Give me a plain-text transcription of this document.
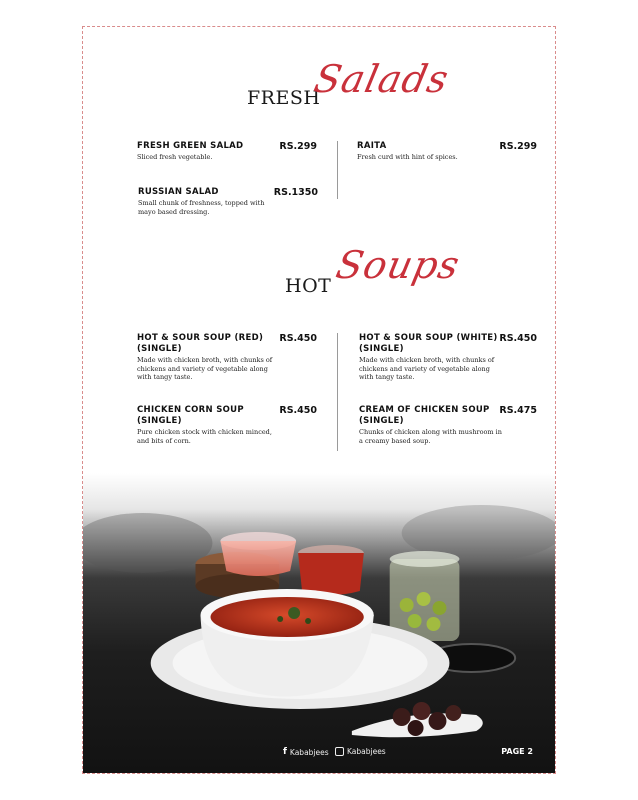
FRESH
Salads
FRESH GREEN SALAD	RS.299
Sliced fresh vegetable.
RUSSIAN SALAD	RS.1350
Small chunk of freshness, topped with mayo based dressing.
RAITA	RS.299
Fresh curd with hint of spices.
HOT Soups
HOT & SOUR SOUP (RED) (SINGLE)
RS.450
Made with chicken broth, with chunks of chickens and variety of vegetable along with tangy taste.
CHICKEN CORN SOUP (SINGLE)
RS.450
Pure chicken stock with chicken minced, and bits of corn.
HOT & SOUR SOUP (WHITE) (SINGLE)
RS.450
Made with chicken broth, with chunks of chickens and variety of vegetable along with tangy taste.
CREAM OF CHICKEN SOUP (SINGLE)
RS.475
Chunks of chicken along with mushroom in a creamy based soup.
f Kababjees Kababjees	PAGE 2
